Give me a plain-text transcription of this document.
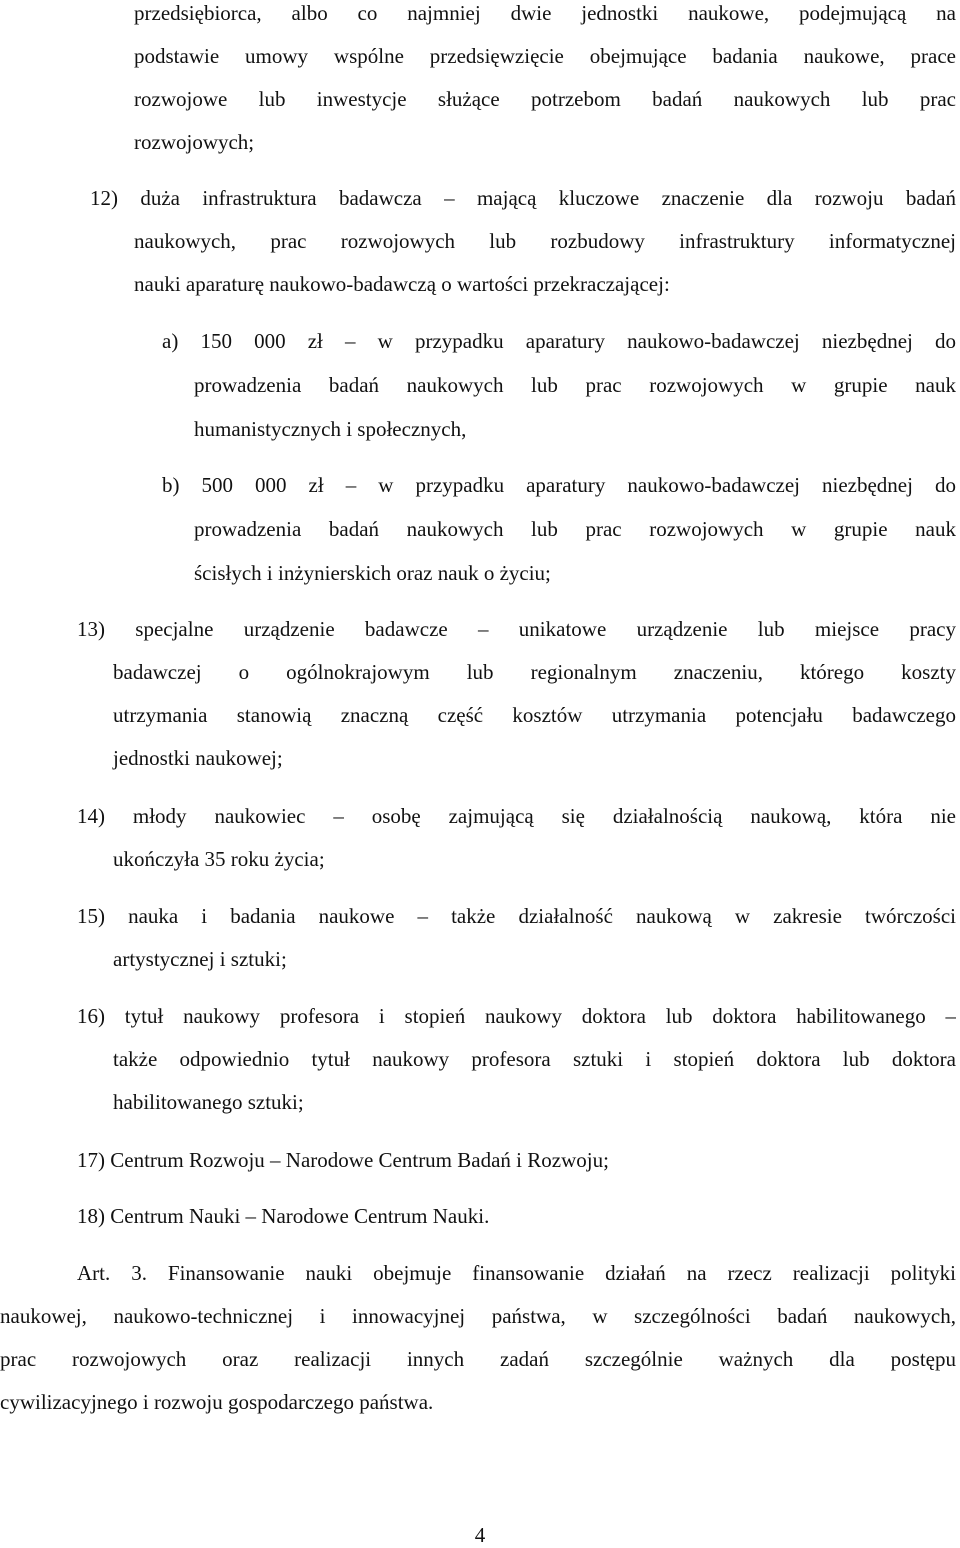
przedsiębiorca, albo co najmniej dwie jednostki naukowe, podejmującą na
podstawie umowy wspólne przedsięwzięcie obejmujące badania naukowe, prace
rozwojowe lub inwestycje służące potrzebom badań naukowych lub prac
rozwojowych;
12) duża infrastruktura badawcza – mającą kluczowe znaczenie dla rozwoju badań
naukowych, prac rozwojowych lub rozbudowy infrastruktury informatycznej
nauki aparaturę naukowo-badawczą o wartości przekraczającej:
a) 150 000 zł – w przypadku aparatury naukowo-badawczej niezbędnej do
prowadzenia badań naukowych lub prac rozwojowych w grupie nauk
humanistycznych i społecznych,
b) 500 000 zł – w przypadku aparatury naukowo-badawczej niezbędnej do
prowadzenia badań naukowych lub prac rozwojowych w grupie nauk
ścisłych i inżynierskich oraz nauk o życiu;
13) specjalne urządzenie badawcze – unikatowe urządzenie lub miejsce pracy
badawczej o ogólnokrajowym lub regionalnym znaczeniu, którego koszty
utrzymania stanowią znaczną część kosztów utrzymania potencjału badawczego
jednostki naukowej;
14) młody naukowiec – osobę zajmującą się działalnością naukową, która nie
ukończyła 35 roku życia;
15) nauka i badania naukowe – także działalność naukową w zakresie twórczości
artystycznej i sztuki;
16) tytuł naukowy profesora i stopień naukowy doktora lub doktora habilitowanego –
także odpowiednio tytuł naukowy profesora sztuki i stopień doktora lub doktora
habilitowanego sztuki;
17) Centrum Rozwoju – Narodowe Centrum Badań i Rozwoju;
18) Centrum Nauki – Narodowe Centrum Nauki.
Art. 3. Finansowanie nauki obejmuje finansowanie działań na rzecz realizacji polityki
naukowej, naukowo-technicznej i innowacyjnej państwa, w szczególności badań naukowych,
prac rozwojowych oraz realizacji innych zadań szczególnie ważnych dla postępu
cywilizacyjnego i rozwoju gospodarczego państwa.
4
